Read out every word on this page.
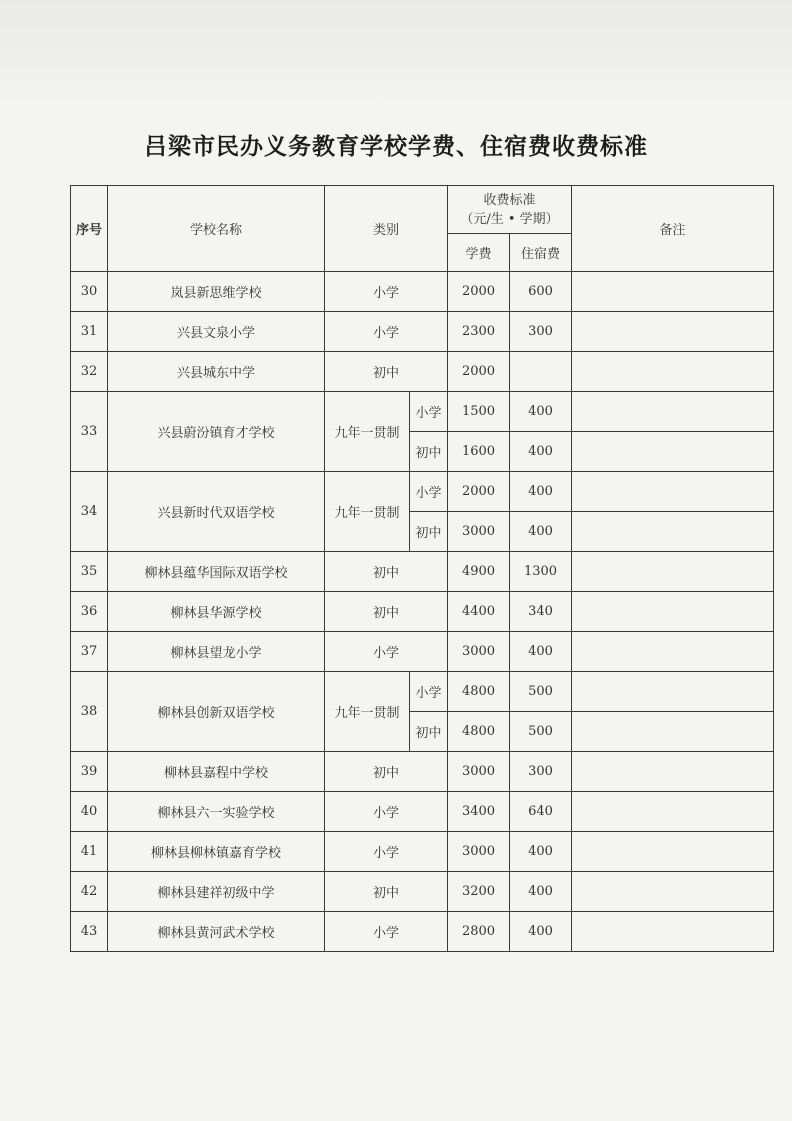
吕梁市民办义务教育学校学费、住宿费收费标准
序号	学校名称	类别		收费标准
（元/生 • 学期）		备注
				学费	住宿费	
30	岚县新思维学校	小学		2000	600	
31	兴县文泉小学	小学		2300	300	
32	兴县城东中学	初中		2000		
33	兴县蔚汾镇育才学校	九年一贯制	小学	1500	400	
			初中	1600	400	
34	兴县新时代双语学校	九年一贯制	小学	2000	400	
			初中	3000	400	
35	柳林县蕴华国际双语学校	初中		4900	1300	
36	柳林县华源学校	初中		4400	340	
37	柳林县望龙小学	小学		3000	400	
38	柳林县创新双语学校	九年一贯制	小学	4800	500	
			初中	4800	500	
39	柳林县嘉程中学校	初中		3000	300	
40	柳林县六一实验学校	小学		3400	640	
41	柳林县柳林镇嘉育学校	小学		3000	400	
42	柳林县建祥初级中学	初中		3200	400	
43	柳林县黄河武术学校	小学		2800	400	
